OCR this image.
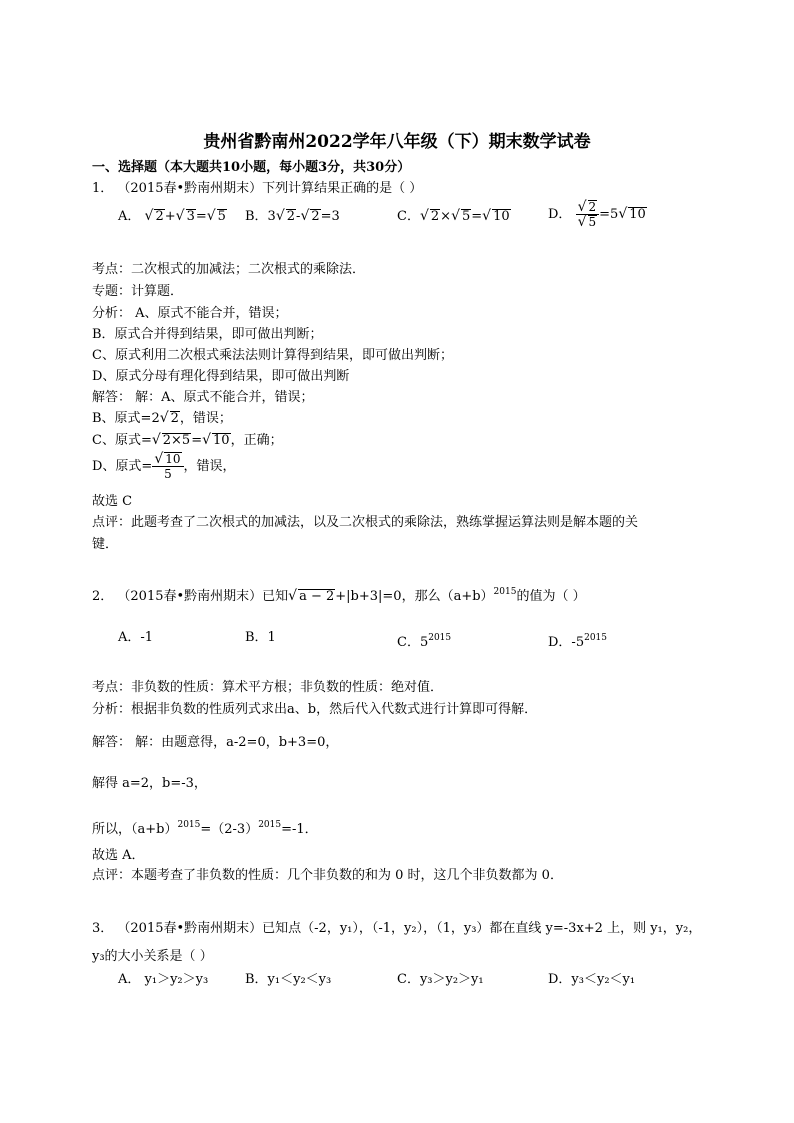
贵州省黔南州2022学年八年级（下）期末数学试卷
一、选择题（本大题共10小题，每小题3分，共30分）
1． （2015春•黔南州期末）下列计算结果正确的是（ ）
A． √ 2+√ 3=√ 5 B．3√ 2-√ 2=3	C．√ 2×√ 5=√ 10	D． $\frac{√ 2}{√ 5} =5√$ 10
考点：二次根式的加减法；二次根式的乘除法．
专题：计算题．
分析： A、原式不能合并，错误；
B．原式合并得到结果，即可做出判断；
C、原式利用二次根式乘法法则计算得到结果，即可做出判断；
D、原式分母有理化得到结果，即可做出判断
解答： 解：A、原式不能合并，错误；
B、原式=2√ 2，错误；
C、原式=√ 2×5=√ 10，正确；
D、原式= $\frac{√ 10}{5}$ ，错误，
故选 C
点评：此题考查了二次根式的加减法，以及二次根式的乘除法，熟练掌握运算法则是解本题的关
键．
2． （2015春•黔南州期末）已知√ a − 2+|b+3|=0，那么$(a+b)^{2015}$的值为（ ）
A．-1	B．1	C．$5^{2015}$	D．$-5^{2015}$
考点：非负数的性质：算术平方根；非负数的性质：绝对值．
分析：根据非负数的性质列式求出a、b，然后代入代数式进行计算即可得解．
解答： 解：由题意得，a-2=0，b+3=0，
解得 a=2，b=-3，
所以，$(a+b)^{2015}=(2-3)^{2015}=-1$．
故选 A．
点评：本题考查了非负数的性质：几个非负数的和为 0 时，这几个非负数都为 0．
3． （2015春•黔南州期末）已知点（-2，y₁），（-1，y₂），（1，y₃）都在直线 y=-3x+2 上，则 y₁，y₂，
y₃的大小关系是（ ）
A． y₁＞y₂＞y₃	B．y₁＜y₂＜y₃	C．y₃＞y₂＞y₁	D．y₃＜y₂＜y₁
